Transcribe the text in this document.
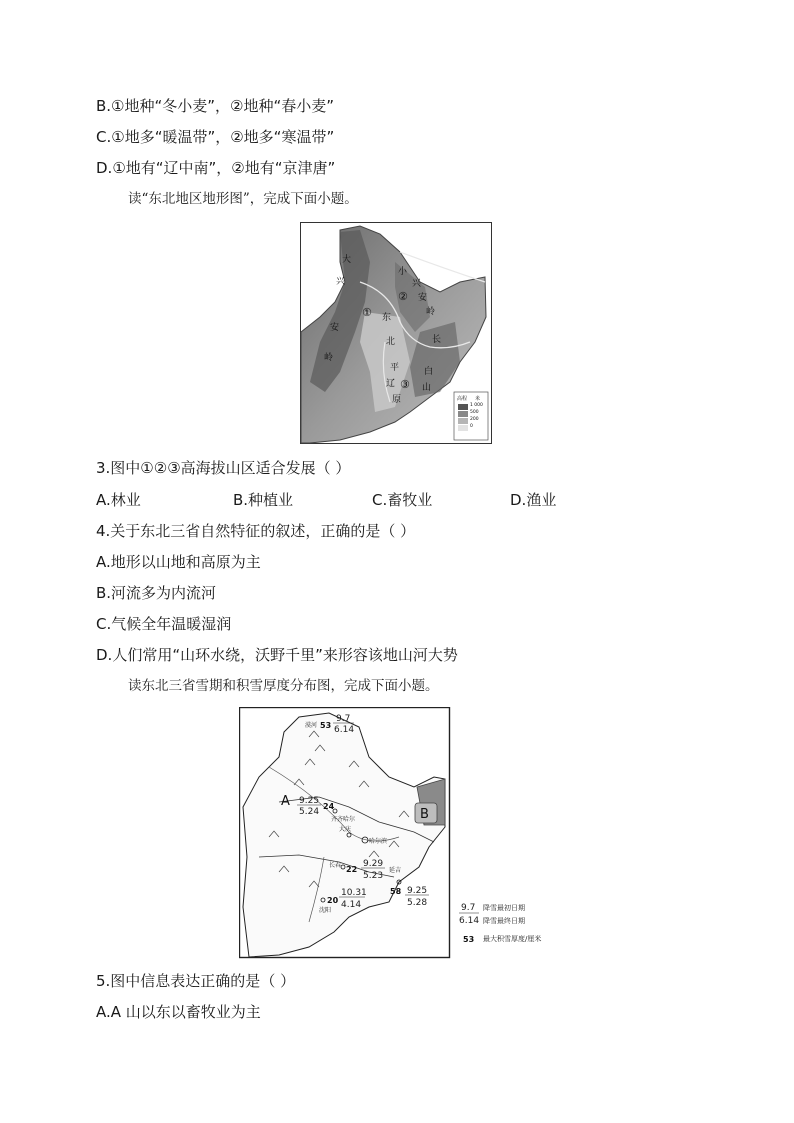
B.①地种“冬小麦”，②地种“春小麦”
C.①地多“暖温带”，②地多“寒温带”
D.①地有“辽中南”，②地有“京津唐”
读“东北地区地形图”，完成下面小题。
大
兴
安
岭
小
兴
安
岭
东
北
平
长
白
山
辽
原
①
②
③
高程 米
1 000
500
200
0
3.图中①②③高海拔山区适合发展（ ）
A.林业	B.种植业	C.畜牧业	D.渔业
4.关于东北三省自然特征的叙述，正确的是（ ）
A.地形以山地和高原为主
B.河流多为内流河
C.气候全年温暖湿润
D.人们常用“山环水绕，沃野千里”来形容该地山河大势
读东北三省雪期和积雪厚度分布图，完成下面小题。
B
A
漠河 53
9.7
6.14
9.25
5.24
24
齐齐哈尔
大庆
哈尔滨
长春 22
9.29
5.23
延吉
58 9.25
5.28
20
沈阳
10.31
4.14	9.7
6.14
降雪最初日期
降雪最终日期
53 最大积雪厚度/厘米
5.图中信息表达正确的是（ ）
A.A 山以东以畜牧业为主
